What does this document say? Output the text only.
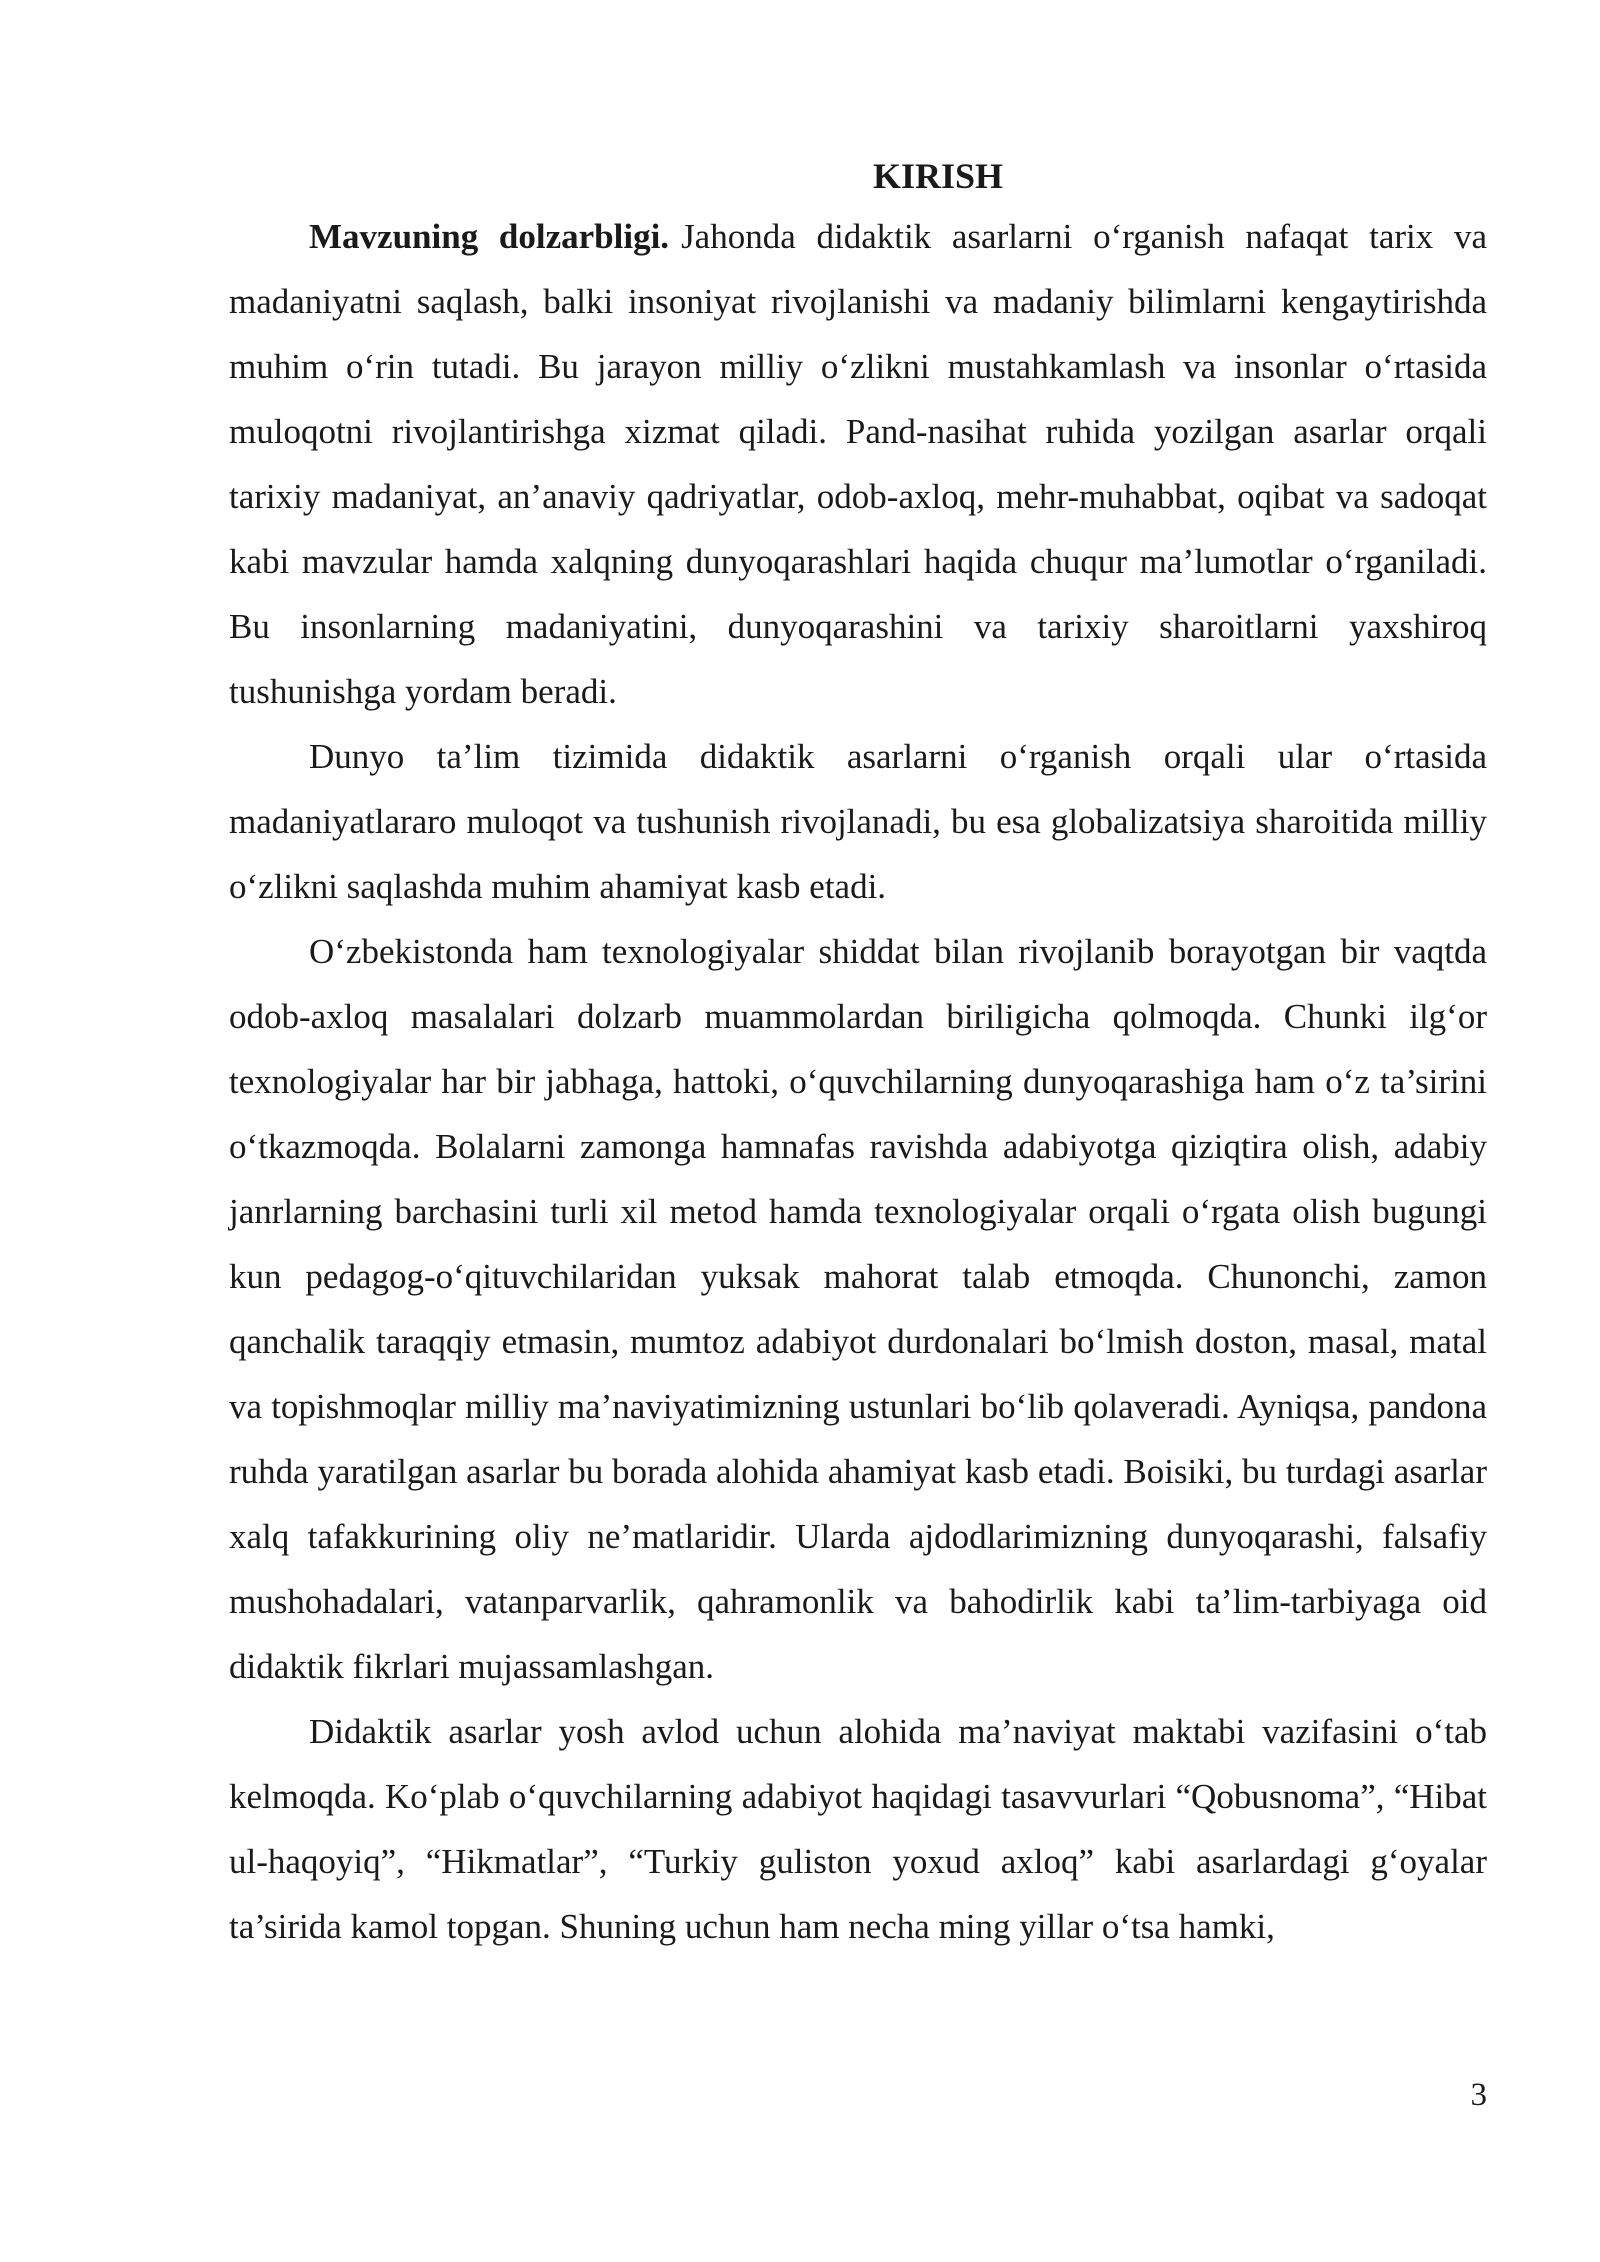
KIRISH

Mavzuning dolzarbligi. Jahonda didaktik asarlarni o‘rganish nafaqat tarix va madaniyatni saqlash, balki insoniyat rivojlanishi va madaniy bilimlarni kengaytirishda muhim o‘rin tutadi. Bu jarayon milliy o‘zlikni mustahkamlash va insonlar o‘rtasida muloqotni rivojlantirishga xizmat qiladi. Pand-nasihat ruhida yozilgan asarlar orqali tarixiy madaniyat, an’anaviy qadriyatlar, odob-axloq, mehr-muhabbat, oqibat va sadoqat kabi mavzular hamda xalqning dunyoqarashlari haqida chuqur ma’lumotlar o‘rganiladi. Bu insonlarning madaniyatini, dunyoqarashini va tarixiy sharoitlarni yaxshiroq tushunishga yordam beradi.

Dunyo ta’lim tizimida didaktik asarlarni o‘rganish orqali ular o‘rtasida madaniyatlararo muloqot va tushunish rivojlanadi, bu esa globalizatsiya sharoitida milliy o‘zlikni saqlashda muhim ahamiyat kasb etadi.

O‘zbekistonda ham texnologiyalar shiddat bilan rivojlanib borayotgan bir vaqtda odob-axloq masalalari dolzarb muammolardan biriligicha qolmoqda. Chunki ilg‘or texnologiyalar har bir jabhaga, hattoki, o‘quvchilarning dunyoqarashiga ham o‘z ta’sirini o‘tkazmoqda. Bolalarni zamonga hamnafas ravishda adabiyotga qiziqtira olish, adabiy janrlarning barchasini turli xil metod hamda texnologiyalar orqali o‘rgata olish bugungi kun pedagog-o‘qituvchilaridan yuksak mahorat talab etmoqda. Chunonchi, zamon qanchalik taraqqiy etmasin, mumtoz adabiyot durdonalari bo‘lmish doston, masal, matal va topishmoqlar milliy ma’naviyatimizning ustunlari bo‘lib qolaveradi. Ayniqsa, pandona ruhda yaratilgan asarlar bu borada alohida ahamiyat kasb etadi. Boisiki, bu turdagi asarlar xalq tafakkurining oliy ne’matlaridir. Ularda ajdodlarimizning dunyoqarashi, falsafiy mushohadalari, vatanparvarlik, qahramonlik va bahodirlik kabi ta’lim-tarbiyaga oid didaktik fikrlari mujassamlashgan.

Didaktik asarlar yosh avlod uchun alohida ma’naviyat maktabi vazifasini o‘tab kelmoqda. Ko‘plab o‘quvchilarning adabiyot haqidagi tasavvurlari “Qobusnoma”, “Hibat ul-haqoyiq”, “Hikmatlar”, “Turkiy guliston yoxud axloq” kabi asarlardagi g‘oyalar ta’sirida kamol topgan. Shuning uchun ham necha ming yillar o‘tsa hamki,

3
